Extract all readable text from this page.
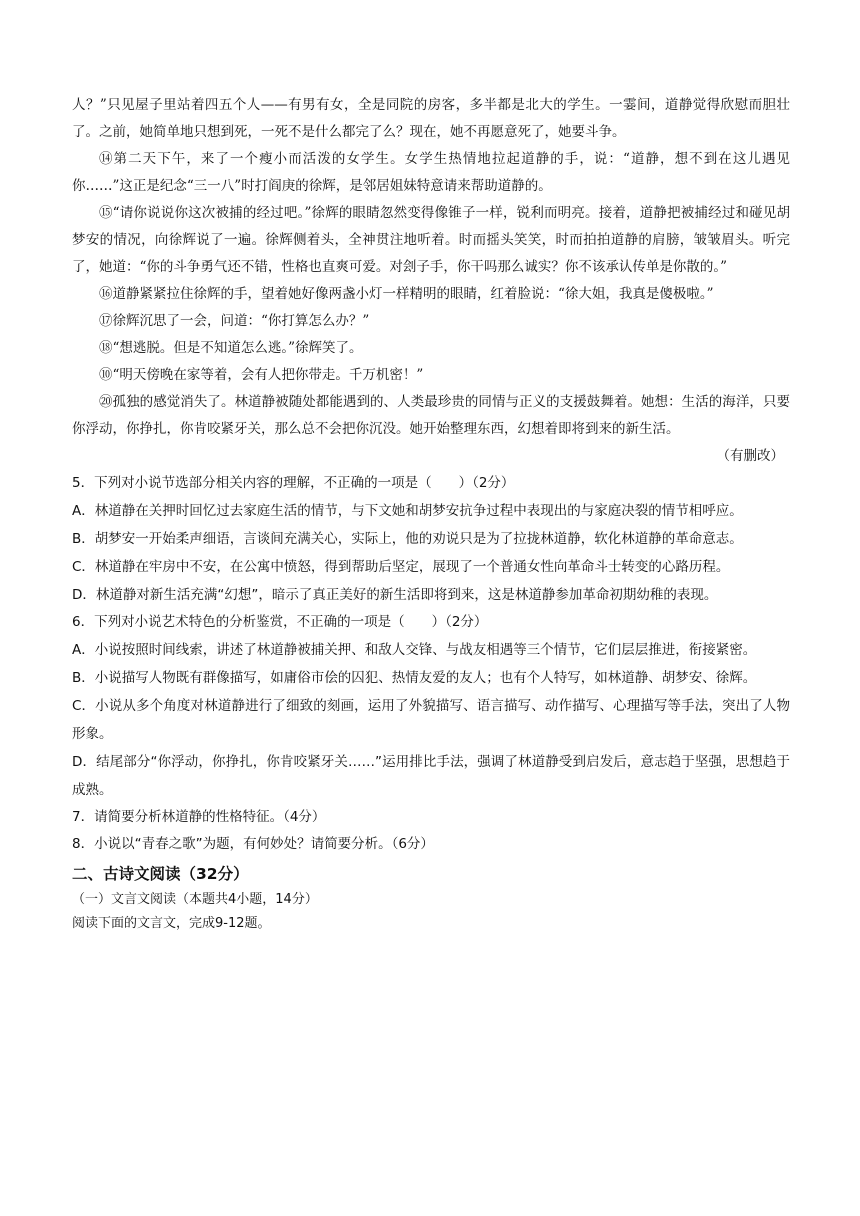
人？”只见屋子里站着四五个人——有男有女，全是同院的房客，多半都是北大的学生。一霎间，道静觉得欣慰而胆壮了。之前，她简单地只想到死，一死不是什么都完了么？现在，她不再愿意死了，她要斗争。

⑭第二天下午，来了一个瘦小而活泼的女学生。女学生热情地拉起道静的手，说：“道静，想不到在这儿遇见你……”这正是纪念“三一八”时打阎庚的徐辉，是邻居姐妹特意请来帮助道静的。

⑮“请你说说你这次被捕的经过吧。”徐辉的眼睛忽然变得像锥子一样，锐利而明亮。接着，道静把被捕经过和碰见胡梦安的情况，向徐辉说了一遍。徐辉侧着头，全神贯注地听着。时而摇头笑笑，时而拍拍道静的肩膀，皱皱眉头。听完了，她道：“你的斗争勇气还不错，性格也直爽可爱。对刽子手，你干吗那么诚实？你不该承认传单是你散的。”

⑯道静紧紧拉住徐辉的手，望着她好像两盏小灯一样精明的眼睛，红着脸说：“徐大姐，我真是傻极啦。”

⑰徐辉沉思了一会，问道：“你打算怎么办？”

⑱“想逃脱。但是不知道怎么逃。”徐辉笑了。

⑩“明天傍晚在家等着，会有人把你带走。千万机密！”

⑳孤独的感觉消失了。林道静被随处都能遇到的、人类最珍贵的同情与正义的支援鼓舞着。她想：生活的海洋，只要你浮动，你挣扎，你肯咬紧牙关，那么总不会把你沉没。她开始整理东西，幻想着即将到来的新生活。

（有删改）

5．下列对小说节选部分相关内容的理解，不正确的一项是（　　）（2分）

A．林道静在关押时回忆过去家庭生活的情节，与下文她和胡梦安抗争过程中表现出的与家庭决裂的情节相呼应。

B．胡梦安一开始柔声细语，言谈间充满关心，实际上，他的劝说只是为了拉拢林道静，软化林道静的革命意志。

C．林道静在牢房中不安，在公寓中愤怒，得到帮助后坚定，展现了一个普通女性向革命斗士转变的心路历程。

D．林道静对新生活充满“幻想”，暗示了真正美好的新生活即将到来，这是林道静参加革命初期幼稚的表现。

6．下列对小说艺术特色的分析鉴赏，不正确的一项是（　　）（2分）

A．小说按照时间线索，讲述了林道静被捕关押、和敌人交锋、与战友相遇等三个情节，它们层层推进，衔接紧密。

B．小说描写人物既有群像描写，如庸俗市侩的囚犯、热情友爱的友人；也有个人特写，如林道静、胡梦安、徐辉。

C．小说从多个角度对林道静进行了细致的刻画，运用了外貌描写、语言描写、动作描写、心理描写等手法，突出了人物形象。

D．结尾部分“你浮动，你挣扎，你肯咬紧牙关……”运用排比手法，强调了林道静受到启发后，意志趋于坚强，思想趋于成熟。

7．请简要分析林道静的性格特征。（4分）

8．小说以“青春之歌”为题，有何妙处？请简要分析。（6分）

二、古诗文阅读（32分）

（一）文言文阅读（本题共4小题，14分）

阅读下面的文言文，完成9-12题。
